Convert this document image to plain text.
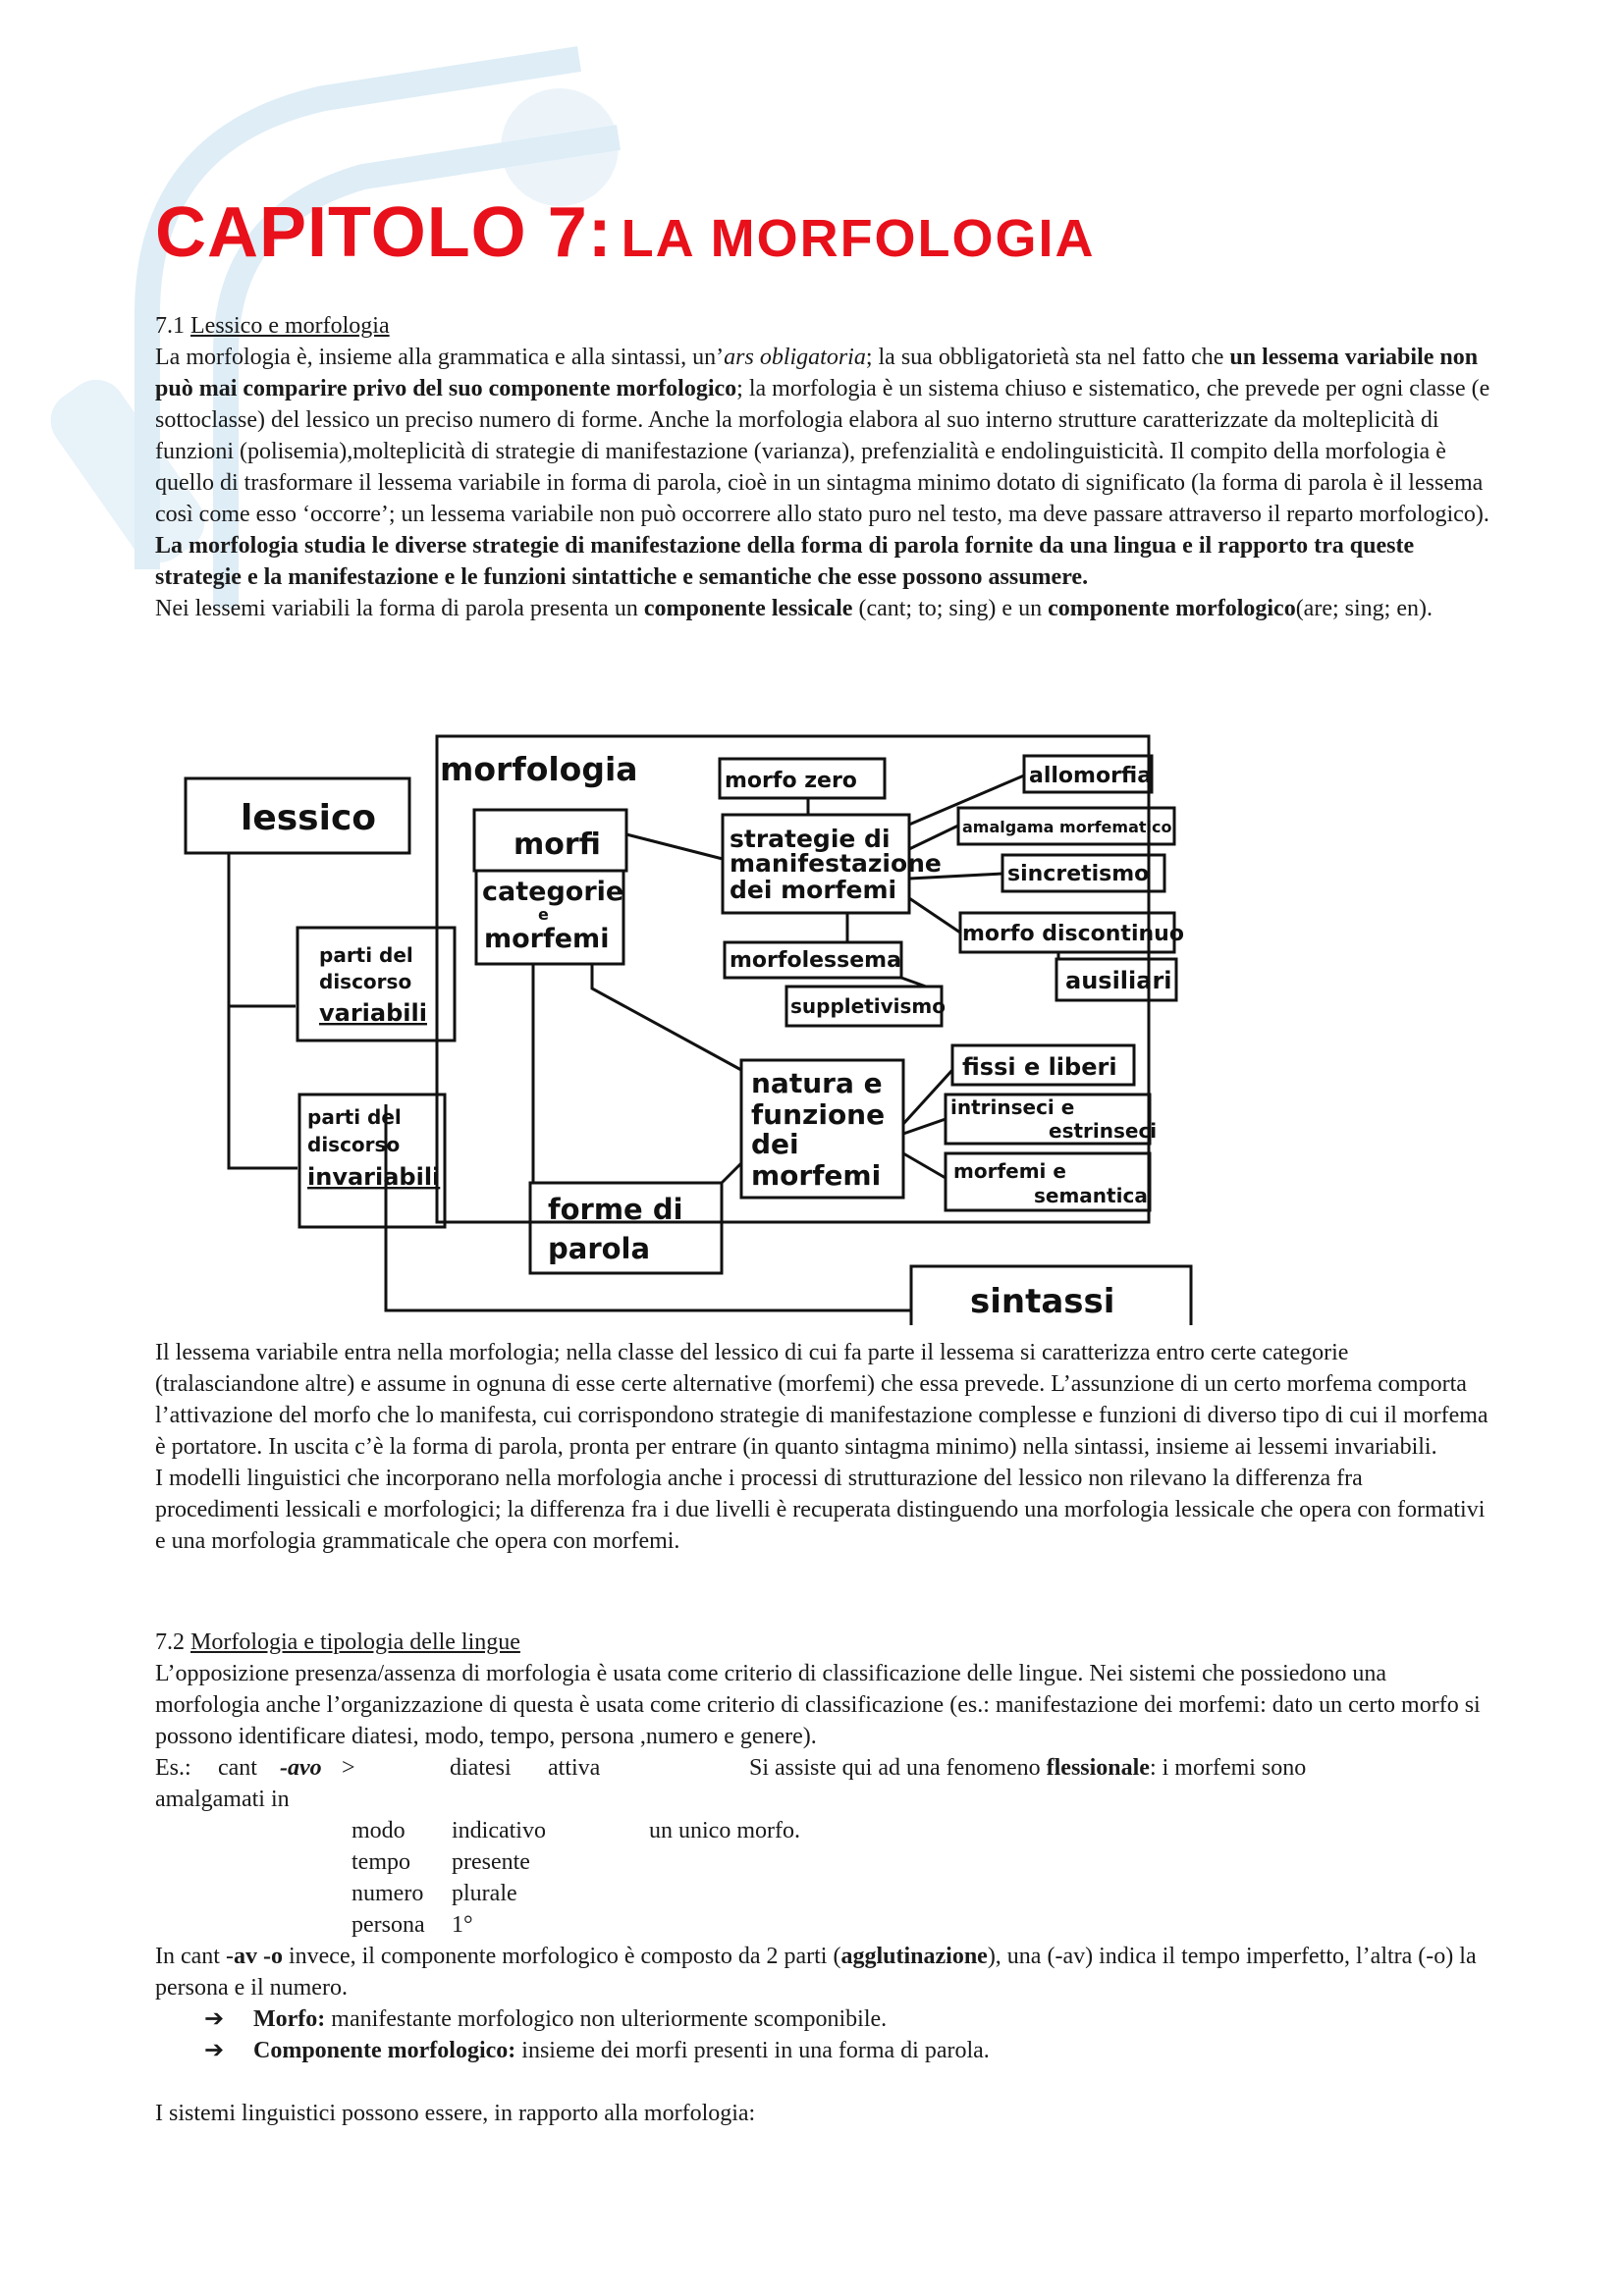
CAPITOLO 7: LA MORFOLOGIA

7.1 Lessico e morfologia

La morfologia è, insieme alla grammatica e alla sintassi, un’ars obligatoria; la sua obbligatorietà sta nel fatto che un lessema variabile non può mai comparire privo del suo componente morfologico; la morfologia è un sistema chiuso e sistematico, che prevede per ogni classe (e sottoclasse) del lessico un preciso numero di forme. Anche la morfologia elabora al suo interno strutture caratterizzate da molteplicità di funzioni (polisemia),molteplicità di strategie di manifestazione (varianza), prefenzialità e endolinguisticità. Il compito della morfologia è quello di trasformare il lessema variabile in forma di parola, cioè in un sintagma minimo dotato di significato (la forma di parola è il lessema così come esso ‘occorre’; un lessema variabile non può occorrere allo stato puro nel testo, ma deve passare attraverso il reparto morfologico).

La morfologia studia le diverse strategie di manifestazione della forma di parola fornite da una lingua e il rapporto tra queste strategie e la manifestazione e le funzioni sintattiche e semantiche che esse possono assumere.

Nei lessemi variabili la forma di parola presenta un componente lessicale (cant; to; sing) e un componente morfologico(are; sing; en).

morfologia
lessico
morfi
categorie
e
morfemi
parti del
discorso
variabili
parti del
discorso
invariabili
morfo zero	allomorfia
strategie di
manifestazione
dei morfemi
amalgama morfematico
sincretismo
morfolessema
morfo discontinuo
suppletivismo
ausiliari
natura e
funzione
dei
morfemi
fissi e liberi
intrinseci e
estrinseci
morfemi e
semantica
forme di
parola
sintassi

Il lessema variabile entra nella morfologia; nella classe del lessico di cui fa parte il lessema si caratterizza entro certe categorie (tralasciandone altre) e assume in ognuna di esse certe alternative (morfemi) che essa prevede. L’assunzione di un certo morfema comporta l’attivazione del morfo che lo manifesta, cui corrispondono strategie di manifestazione complesse e funzioni di diverso tipo di cui il morfema è portatore. In uscita c’è la forma di parola, pronta per entrare (in quanto sintagma minimo) nella sintassi, insieme ai lessemi invariabili.

I modelli linguistici che incorporano nella morfologia anche i processi di strutturazione del lessico non rilevano la differenza fra procedimenti lessicali e morfologici; la differenza fra i due livelli è recuperata distinguendo una morfologia lessicale che opera con formativi e una morfologia grammaticale che opera con morfemi.

7.2 Morfologia e tipologia delle lingue

L’opposizione presenza/assenza di morfologia è usata come criterio di classificazione delle lingue. Nei sistemi che possiedono una morfologia anche l’organizzazione di questa è usata come criterio di classificazione (es.: manifestazione dei morfemi: dato un certo morfo si possono identificare diatesi, modo, tempo, persona ,numero e genere).

Es.: cant -avo >	diatesi attiva	Si assiste qui ad una fenomeno flessionale: i morfemi sono
amalgamati in
modo indicativo	un unico morfo.
tempo presente
numero plurale
persona 1°

In cant -av -o invece, il componente morfologico è composto da 2 parti (agglutinazione), una (-av) indica il tempo imperfetto, l’altra (-o) la persona e il numero.

➔ Morfo: manifestante morfologico non ulteriormente scomponibile.
➔ Componente morfologico: insieme dei morfi presenti in una forma di parola.

I sistemi linguistici possono essere, in rapporto alla morfologia:
